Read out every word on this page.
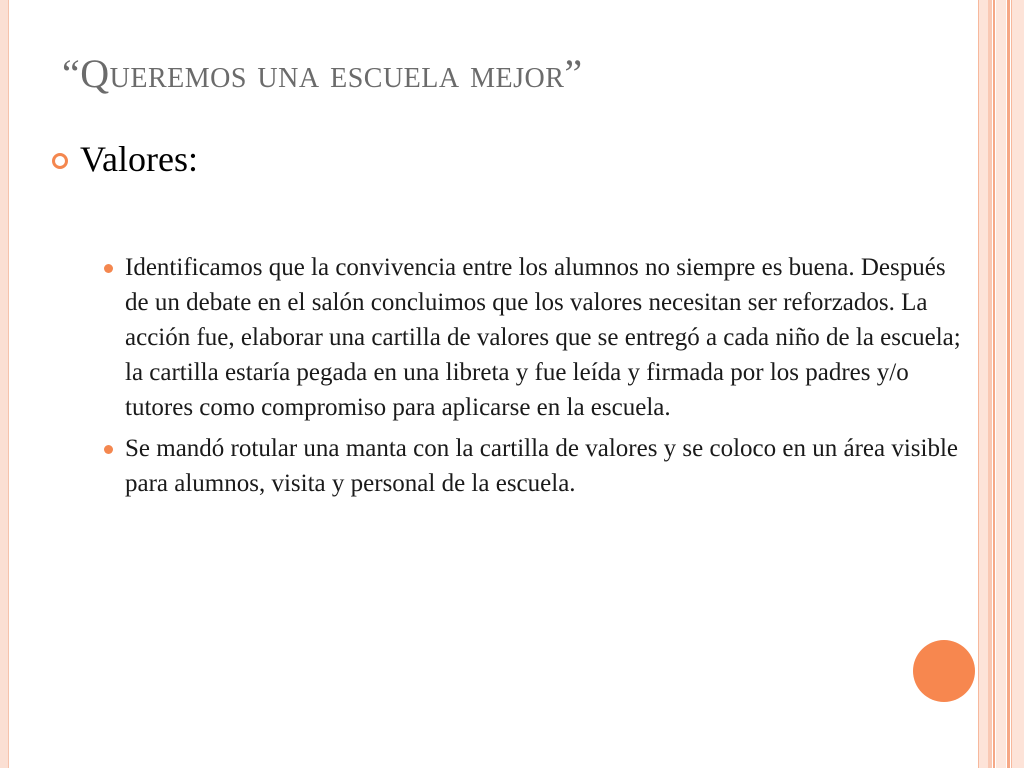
“Queremos una escuela mejor”
Valores:
Identificamos que la convivencia entre los alumnos no siempre es buena. Después de un debate en el salón concluimos que los valores necesitan ser reforzados. La acción fue, elaborar una cartilla de valores que se entregó a cada niño de la escuela; la cartilla estaría pegada en una libreta y fue leída y firmada por los padres y/o tutores como compromiso para aplicarse en la escuela.
Se mandó rotular una manta con la cartilla de valores y se coloco en un área visible para alumnos, visita y personal de la escuela.
